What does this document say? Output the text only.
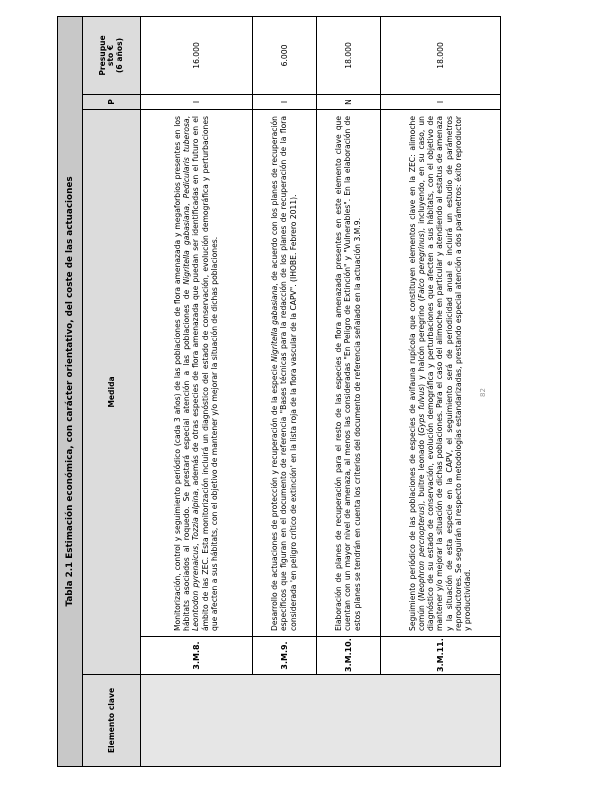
82
Tabla 2.1 Estimación económica, con carácter orientativo, del coste de las actuaciones				
Elemento clave	Medida		P	Presupue
sto €
(6 años)
	3.M.8.	Monitorización, control y seguimiento periódico (cada 3 años) de las poblaciones de flora amenazada y megaforbios presentes en los hábitats asociados al roquedo. Se prestará especial atención a las poblaciones de Nigritella gabasiana, Pedicularis tuberosa, Leontodon pyrenaicus, Tozzia alpina, además de otras especies de flora amenazada que puedan ser identificadas en el futuro en el ámbito de las ZEC. Esta monitorización incluirá un diagnóstico del estado de conservación, evolución demográfica y perturbaciones que afecten a sus hábitats, con el objetivo de mantener y/o mejorar la situación de dichas poblaciones.	I	16.000
	3.M.9.	Desarrollo de actuaciones de protección y recuperación de la especie Nigritella gabasiana, de acuerdo con los planes de recuperación específicos que figuran en el documento de referencia "Bases técnicas para la redacción de los planes de recuperación de la flora considerada 'en peligro crítico de extinción' en la lista roja de la flora vascular de la CAPV". (IHOBE. Febrero 2011).	I	6.000
	3.M.10.	Elaboración de planes de recuperación para el resto de las especies de flora amenazada presentes en este elemento clave que cuentan con un mayor nivel de amenaza, al menos las consideradas "En Peligro de Extinción" y "Vulnerables". En la elaboración de estos planes se tendrán en cuenta los criterios del documento de referencia señalado en la actuación 3.M.9.	N	18.000
	3.M.11.	Seguimiento periódico de las poblaciones de especies de avifauna rupícola que constituyen elementos clave en la ZEC: alimoche común (Neophron percnopterus), buitre leonado (Gyps fulvus) y halcón peregrino (Falco peregrinus), incluyendo, en su caso, un diagnóstico de su estado de conservación, evolución demográfica y perturbaciones que afecten a sus hábitats, con el objetivo de mantener y/o mejorar la situación de dichas poblaciones. Para el caso del alimoche en particular y atendiendo al estatus de amenaza y la situación de esta especie en la CAPV, el seguimiento será de periodicidad anual e incluirá un estudio de parámetros reproductores. Se seguirán al respecto metodologías estandarizadas, prestando especial atención a dos parámetros: éxito reproductor y productividad.	I	18.000
